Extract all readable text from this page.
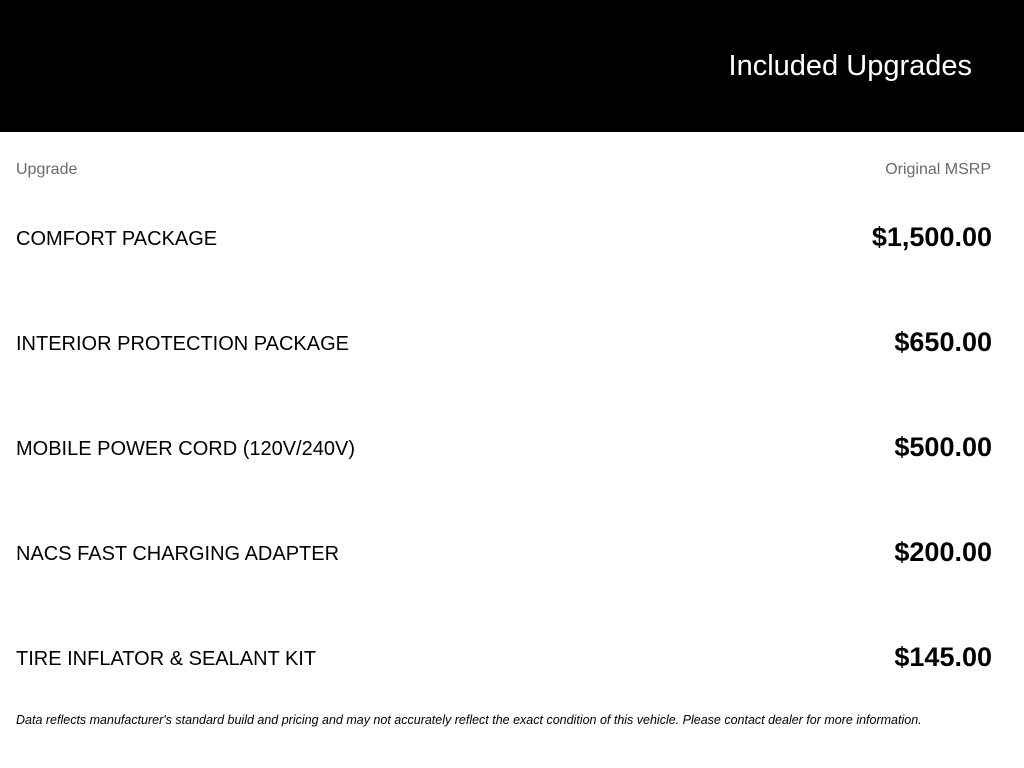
Included Upgrades
Upgrade	Original MSRP
COMFORT PACKAGE	$1,500.00
INTERIOR PROTECTION PACKAGE	$650.00
MOBILE POWER CORD (120V/240V)	$500.00
NACS FAST CHARGING ADAPTER	$200.00
TIRE INFLATOR & SEALANT KIT	$145.00

Data reflects manufacturer's standard build and pricing and may not accurately reflect the exact condition of this vehicle. Please contact dealer for more information.
